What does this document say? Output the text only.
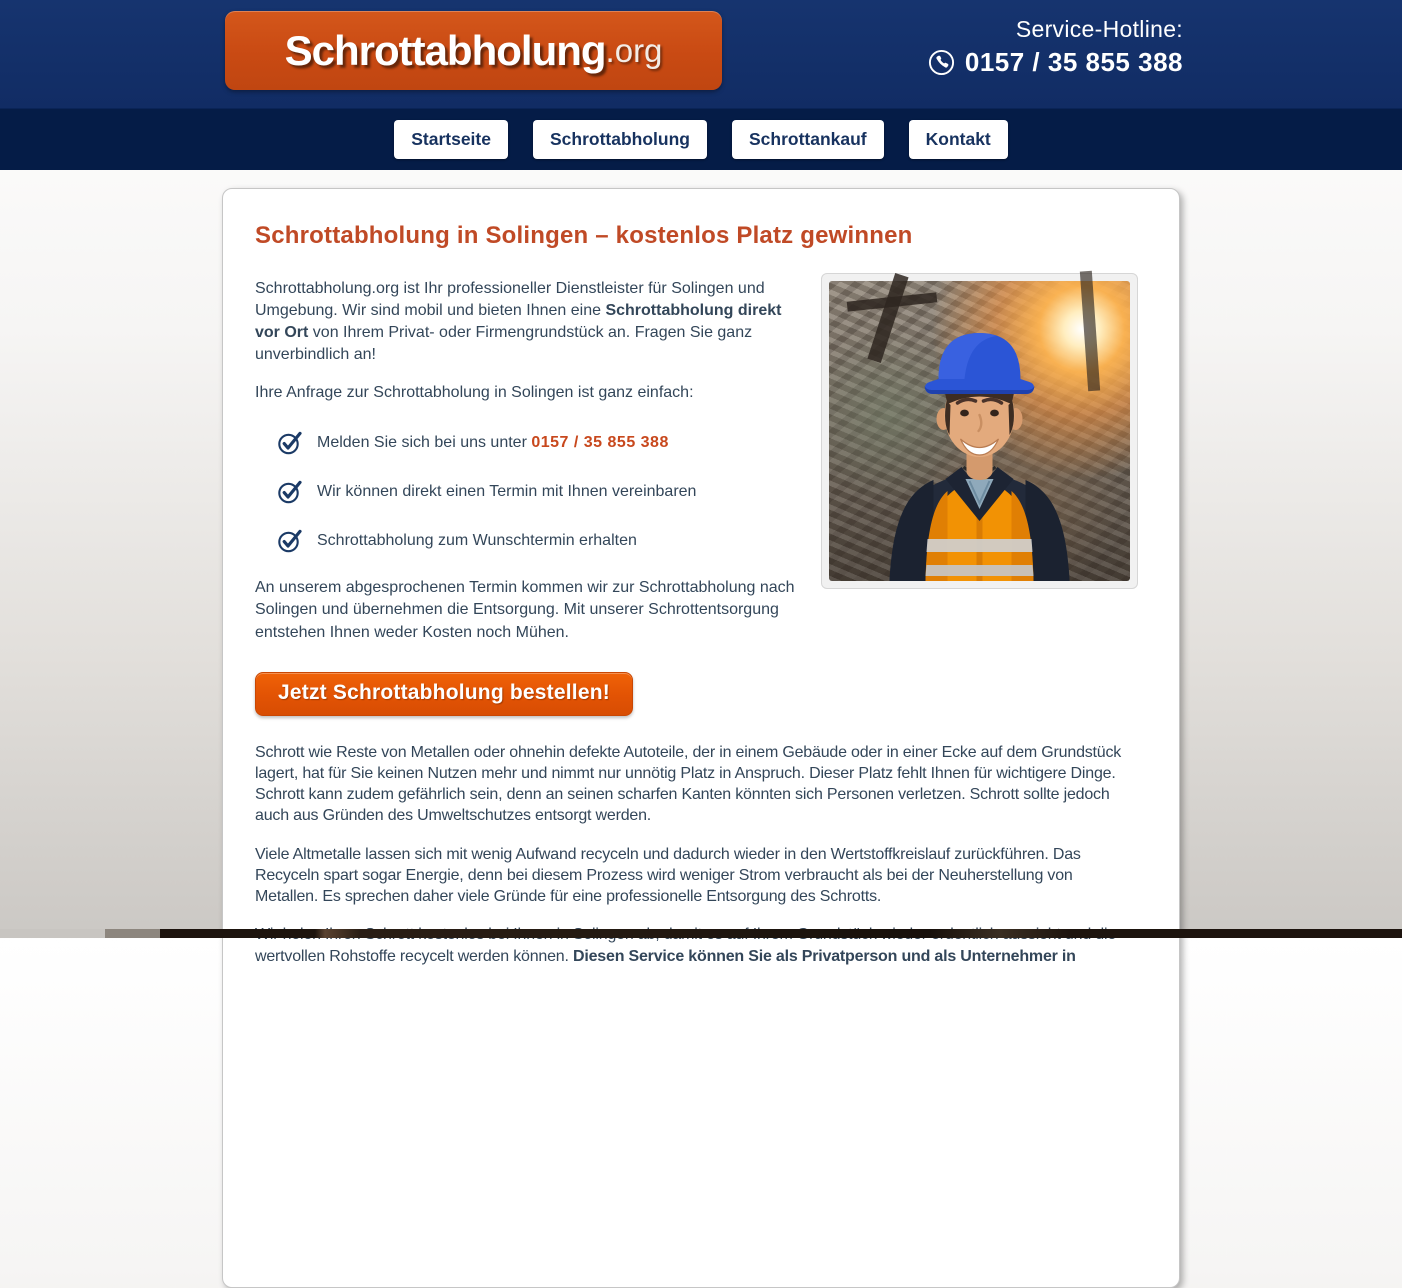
Schrottabholung .org
Service-Hotline:
0157 / 35 855 388
Startseite	Schrottabholung	Schrottankauf	Kontakt
Schrottabholung in Solingen – kostenlos Platz gewinnen

Schrottabholung.org ist Ihr professioneller Dienstleister für Solingen und Umgebung. Wir sind mobil und bieten Ihnen eine Schrottabholung direkt vor Ort von Ihrem Privat- oder Firmengrundstück an. Fragen Sie ganz unverbindlich an!

Ihre Anfrage zur Schrottabholung in Solingen ist ganz einfach:

Melden Sie sich bei uns unter 0157 / 35 855 388
Wir können direkt einen Termin mit Ihnen vereinbaren
Schrottabholung zum Wunschtermin erhalten

An unserem abgesprochenen Termin kommen wir zur Schrottabholung nach Solingen und übernehmen die Entsorgung. Mit unserer Schrottentsorgung entstehen Ihnen weder Kosten noch Mühen.

Jetzt Schrottabholung bestellen!

Schrott wie Reste von Metallen oder ohnehin defekte Autoteile, der in einem Gebäude oder in einer Ecke auf dem Grundstück lagert, hat für Sie keinen Nutzen mehr und nimmt nur unnötig Platz in Anspruch. Dieser Platz fehlt Ihnen für wichtigere Dinge. Schrott kann zudem gefährlich sein, denn an seinen scharfen Kanten könnten sich Personen verletzen. Schrott sollte jedoch auch aus Gründen des Umweltschutzes entsorgt werden.

Viele Altmetalle lassen sich mit wenig Aufwand recyceln und dadurch wieder in den Wertstoffkreislauf zurückführen. Das Recyceln spart sogar Energie, denn bei diesem Prozess wird weniger Strom verbraucht als bei der Neuherstellung von Metallen. Es sprechen daher viele Gründe für eine professionelle Entsorgung des Schrotts.

wertvollen Rohstoffe recycelt werden können. Diesen Service können Sie als Privatperson und als Unternehmer in
